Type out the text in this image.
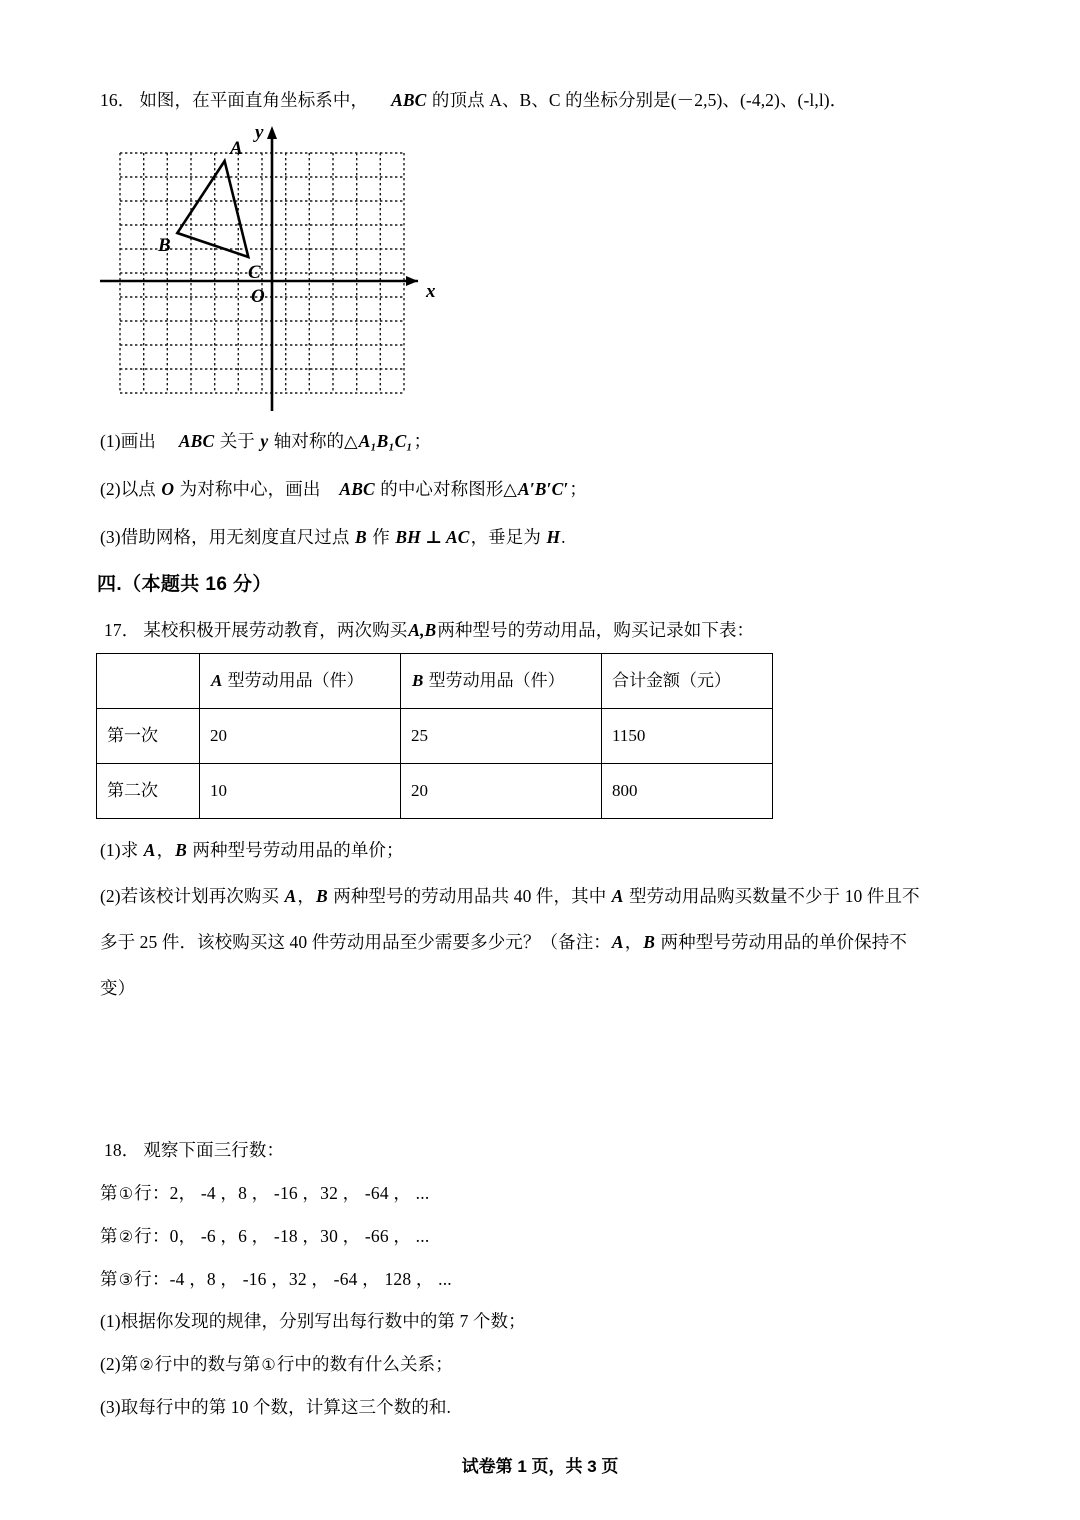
16． 如图，在平面直角坐标系中， ABC 的顶点 A、B、C 的坐标分别是(－2,5)、(-4,2)、(-l,l)．
y
x
O
A
B
C
(1)画出 ABC 关于 y 轴对称的△A₁B₁C₁；
(2)以点 O 为对称中心，画出 ABC 的中心对称图形△A′B′C′；
(3)借助网格，用无刻度直尺过点 B 作 BH ⊥ AC，垂足为 H.
四.（本题共 16 分）
17． 某校积极开展劳动教育，两次购买A,B两种型号的劳动用品，购买记录如下表：
	A 型劳动用品（件）	B 型劳动用品（件）	合计金额（元）
第一次	20	25	1150
第二次	10	20	800
(1)求 A，B 两种型号劳动用品的单价；
(2)若该校计划再次购买 A，B 两种型号的劳动用品共 40 件，其中 A 型劳动用品购买数量不少于 10 件且不
多于 25 件．该校购买这 40 件劳动用品至少需要多少元？（备注：A，B 两种型号劳动用品的单价保持不
变）
18． 观察下面三行数：
第①行：2， -4 ，8 ， -16 ，32 ， -64 ， ...
第②行：0， -6 ，6 ， -18 ，30 ， -66 ， ...
第③行：-4 ，8 ， -16 ，32 ， -64 ， 128 ， ...
(1)根据你发现的规律，分别写出每行数中的第 7 个数；
(2)第②行中的数与第①行中的数有什么关系；
(3)取每行中的第 10 个数，计算这三个数的和.
试卷第 1 页，共 3 页
